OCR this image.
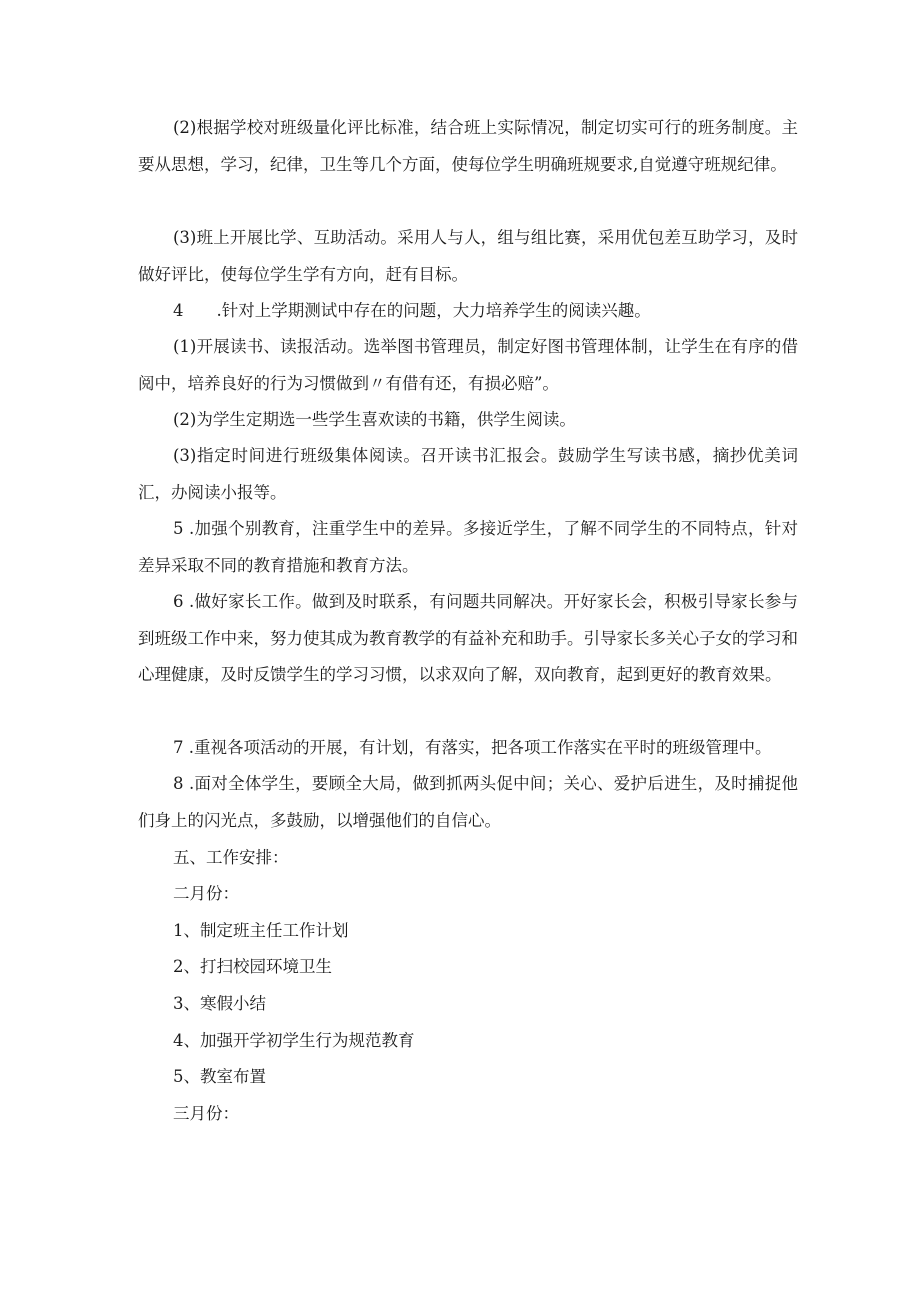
(2)根据学校对班级量化评比标准，结合班上实际情况，制定切实可行的班务制度。主要从思想，学习，纪律，卫生等几个方面，使每位学生明确班规要求,自觉遵守班规纪律。

(3)班上开展比学、互助活动。采用人与人，组与组比赛，采用优包差互助学习，及时做好评比，使每位学生学有方向，赶有目标。

4　　.针对上学期测试中存在的问题，大力培养学生的阅读兴趣。

(1)开展读书、读报活动。选举图书管理员，制定好图书管理体制，让学生在有序的借阅中，培养良好的行为习惯做到〃有借有还，有损必赔”。

(2)为学生定期选一些学生喜欢读的书籍，供学生阅读。

(3)指定时间进行班级集体阅读。召开读书汇报会。鼓励学生写读书感，摘抄优美词汇，办阅读小报等。

5 .加强个别教育，注重学生中的差异。多接近学生，了解不同学生的不同特点，针对差异采取不同的教育措施和教育方法。

6 .做好家长工作。做到及时联系，有问题共同解决。开好家长会，积极引导家长参与到班级工作中来，努力使其成为教育教学的有益补充和助手。引导家长多关心子女的学习和心理健康，及时反馈学生的学习习惯，以求双向了解，双向教育，起到更好的教育效果。

7 .重视各项活动的开展，有计划，有落实，把各项工作落实在平时的班级管理中。

8 .面对全体学生，要顾全大局，做到抓两头促中间；关心、爱护后进生，及时捕捉他们身上的闪光点，多鼓励，以增强他们的自信心。

五、工作安排：

二月份：

1、制定班主任工作计划

2、打扫校园环境卫生

3、寒假小结

4、加强开学初学生行为规范教育

5、教室布置

三月份：
